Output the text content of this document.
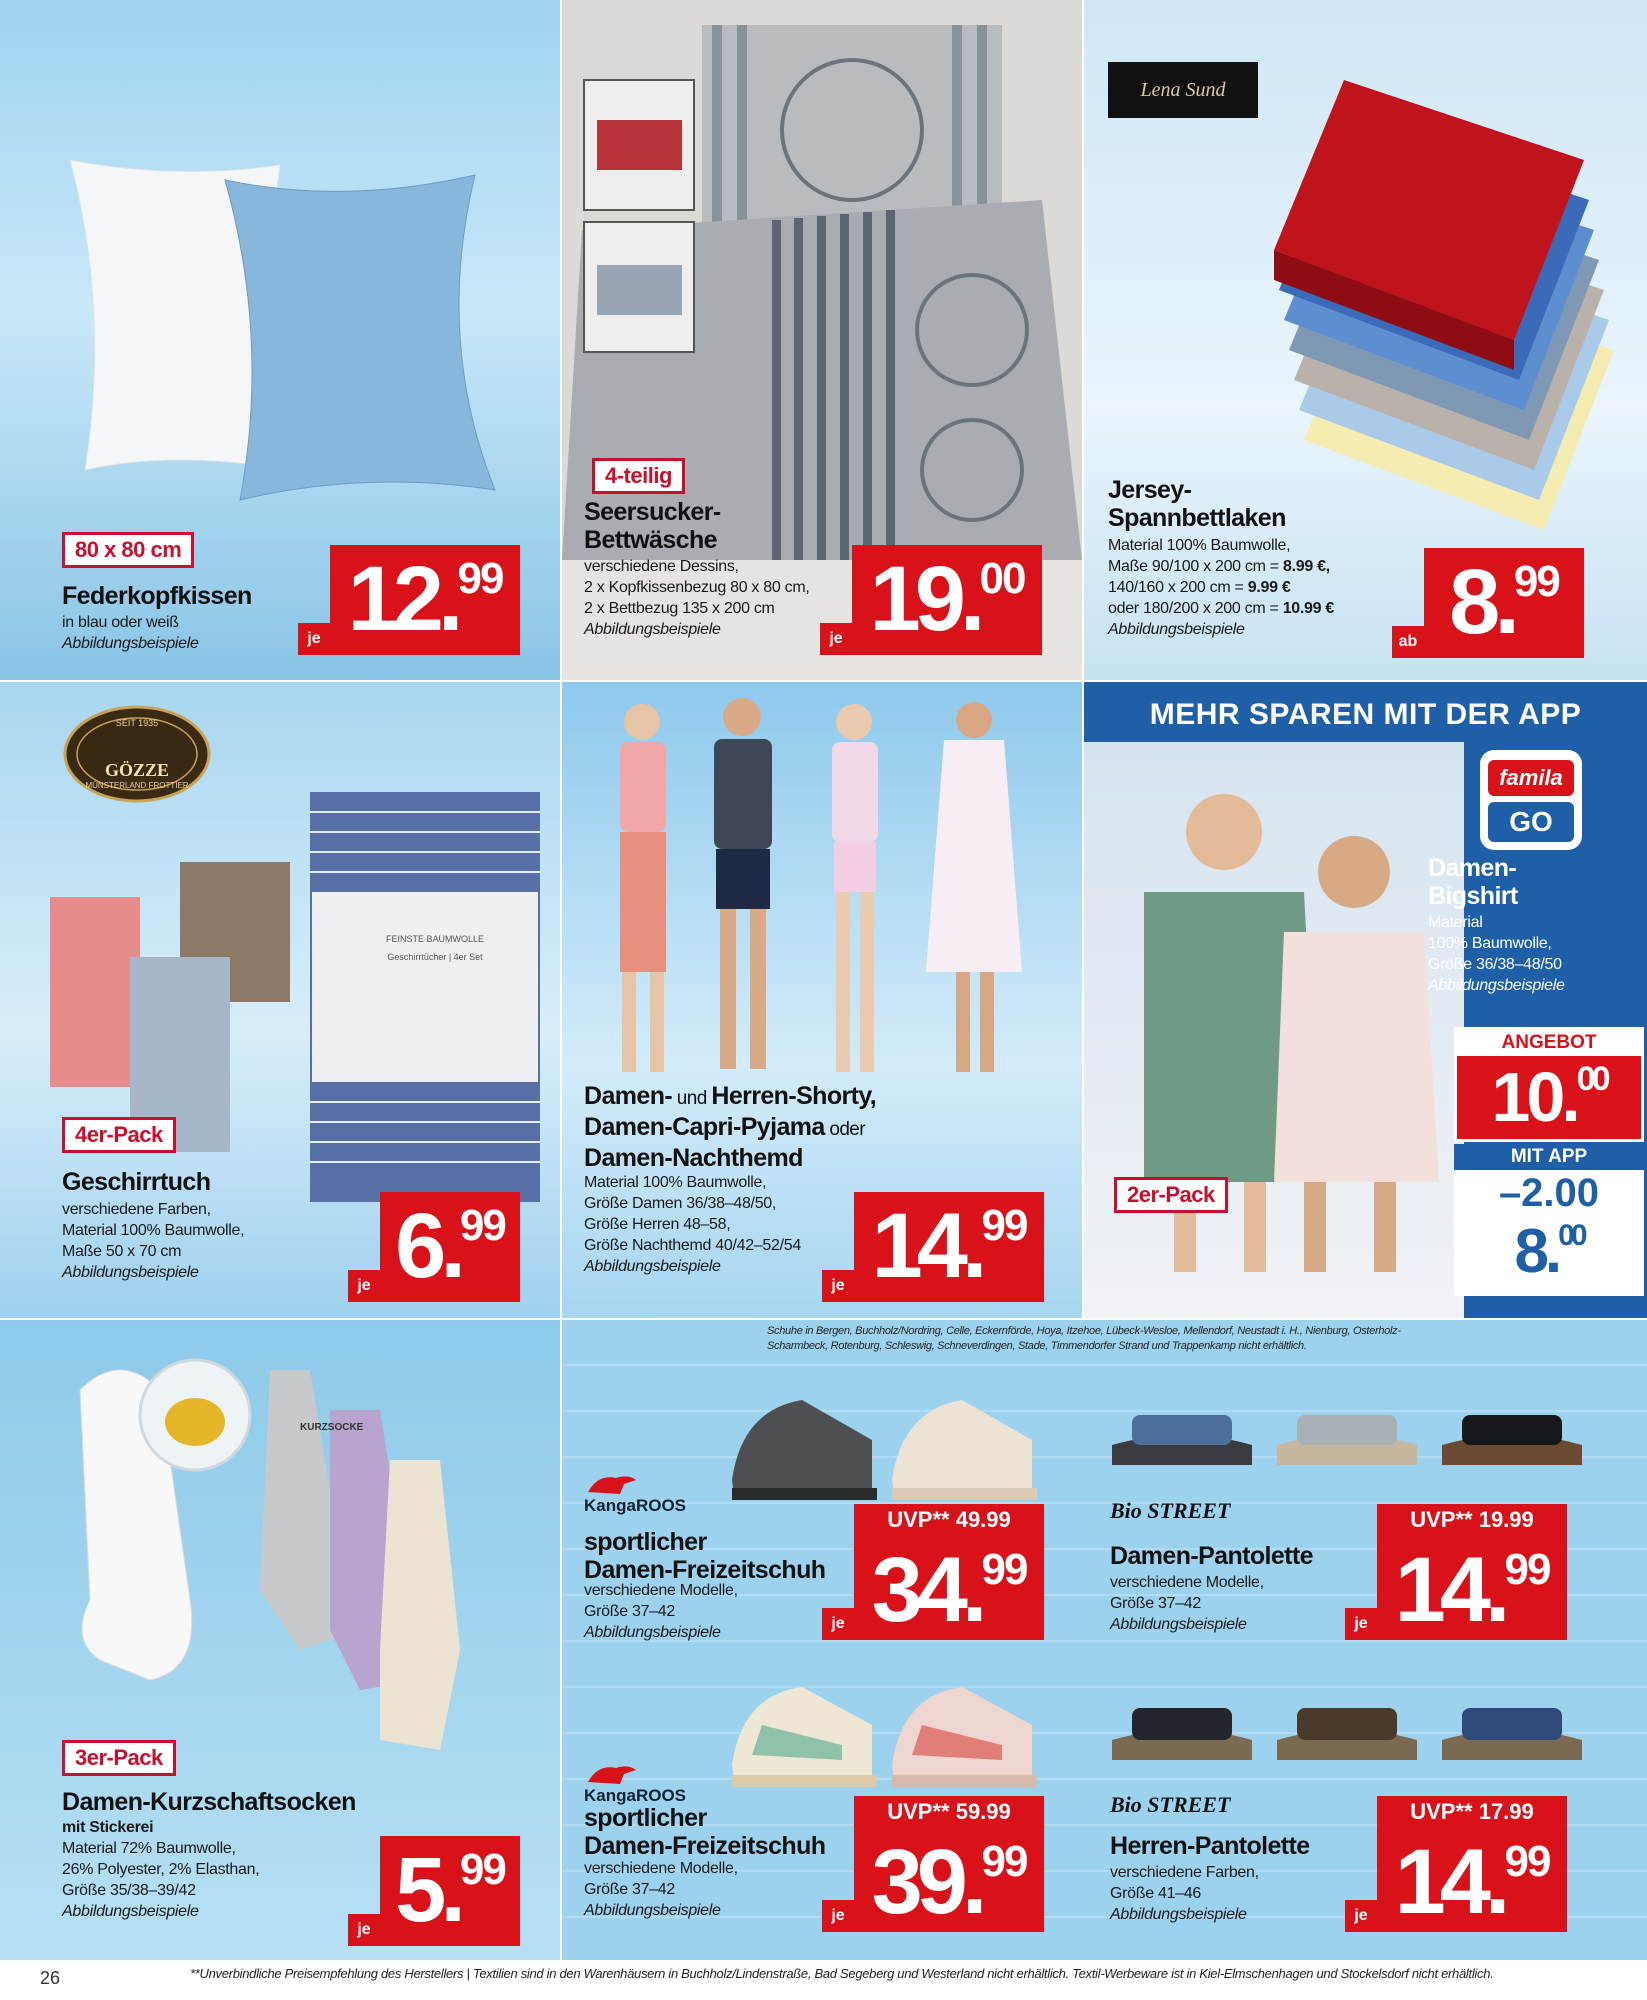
80 x 80 cm
Federkopfkissen
in blau oder weiß
Abbildungsbeispiele	je 12.99
4-teilig
Seersucker-
Bettwäsche
verschiedene Dessins,
2 x Kopfkissenbezug 80 x 80 cm,
2 x Bettbezug 135 x 200 cm
Abbildungsbeispiele
je 19.00
Lena Sund
Jersey-
Spannbettlaken
Material 100% Baumwolle,
Maße 90/100 x 200 cm = 8.99 €,
140/160 x 200 cm = 9.99 €
oder 180/200 x 200 cm = 10.99 €
Abbildungsbeispiele
ab 8.99
SEIT 1935
GÖZZE
MÜNSTERLAND FROTTIER
FEINSTE BAUMWOLLE
Geschirrtücher | 4er Set
4er-Pack
Geschirrtuch
verschiedene Farben,
Material 100% Baumwolle,
Maße 50 x 70 cm
Abbildungsbeispiele
je 6.99
Damen- und Herren-Shorty,
Damen-Capri-Pyjama oder
Damen-Nachthemd
Material 100% Baumwolle,
Größe Damen 36/38–48/50,
Größe Herren 48–58,
Größe Nachthemd 40/42–52/54
Abbildungsbeispiele
je 14.99
MEHR SPAREN MIT DER APP
famila
GO
Damen-
Bigshirt
Material
100% Baumwolle,
Größe 36/38–48/50
Abbildungsbeispiele
2er-Pack
ANGEBOT
10.00
MIT APP
–2.00
8.00
KURZSOCKE
3er-Pack
Damen-Kurzschaftsocken
mit Stickerei
Material 72% Baumwolle,
26% Polyester, 2% Elasthan,
Größe 35/38–39/42
Abbildungsbeispiele
je 5.99
Schuhe in Bergen, Buchholz/Nordring, Celle, Eckernförde, Hoya, Itzehoe, Lübeck-Wesloe, Mellendorf, Neustadt i. H., Nienburg, Osterholz-Scharmbeck, Rotenburg, Schleswig, Schneverdingen, Stade, Timmendorfer Strand und Trappenkamp nicht erhältlich.
KangaROOS
sportlicher
Damen-Freizeitschuh
verschiedene Modelle,
Größe 37–42
Abbildungsbeispiele
UVP** 49.99
je 34.99
Bio STREET
Damen-Pantolette
verschiedene Modelle,
Größe 37–42
Abbildungsbeispiele
UVP** 19.99
je 14.99
KangaROOS
sportlicher
Damen-Freizeitschuh
verschiedene Modelle,
Größe 37–42
Abbildungsbeispiele
UVP** 59.99
je 39.99
Bio STREET
Herren-Pantolette
verschiedene Farben,
Größe 41–46
Abbildungsbeispiele
UVP** 17.99
je 14.99
26	**Unverbindliche Preisempfehlung des Herstellers | Textilien sind in den Warenhäusern in Buchholz/Lindenstraße, Bad Segeberg und Westerland nicht erhältlich. Textil-Werbeware ist in Kiel-Elmschenhagen und Stockelsdorf nicht erhältlich.
